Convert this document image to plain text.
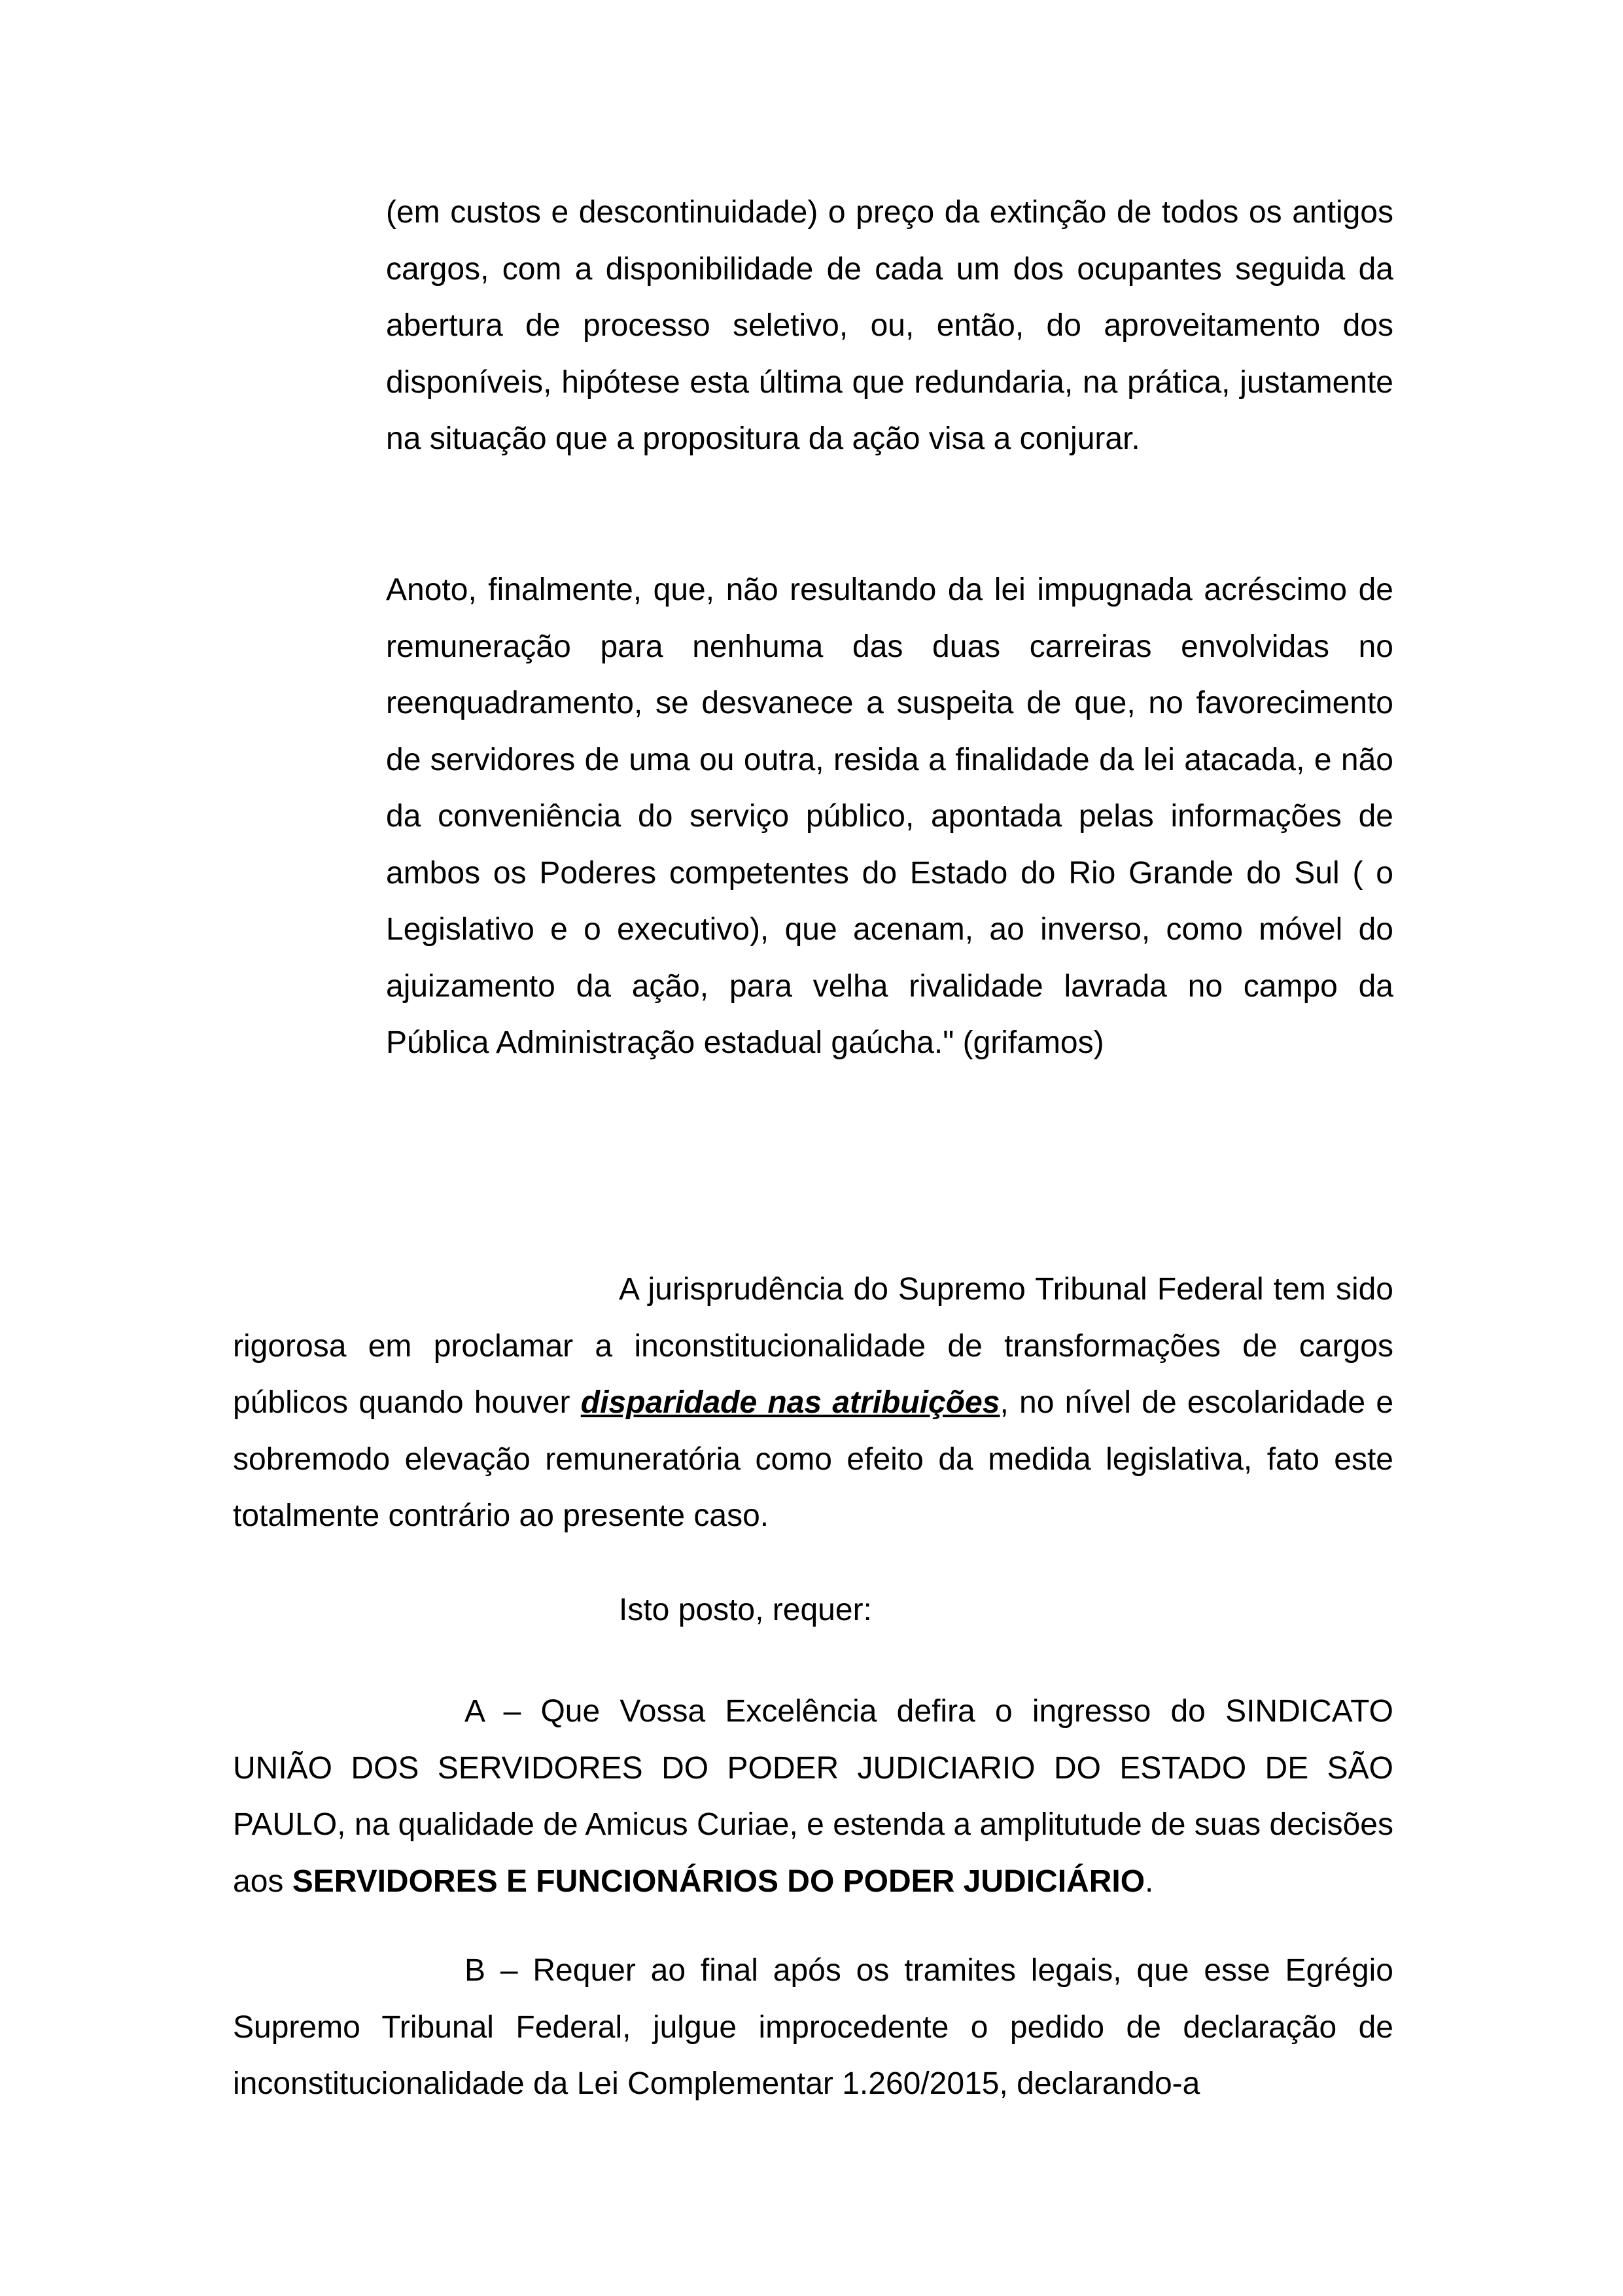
(em custos e descontinuidade) o preço da extinção de todos os antigos cargos, com a disponibilidade de cada um dos ocupantes seguida da abertura de processo seletivo, ou, então, do aproveitamento dos disponíveis, hipótese esta última que redundaria, na prática, justamente na situação que a propositura da ação visa a conjurar.

Anoto, finalmente, que, não resultando da lei impugnada acréscimo de remuneração para nenhuma das duas carreiras envolvidas no reenquadramento, se desvanece a suspeita de que, no favorecimento de servidores de uma ou outra, resida a finalidade da lei atacada, e não da conveniência do serviço público, apontada pelas informações de ambos os Poderes competentes do Estado do Rio Grande do Sul ( o Legislativo e o executivo), que acenam, ao inverso, como móvel do ajuizamento da ação, para velha rivalidade lavrada no campo da Pública Administração estadual gaúcha." (grifamos)

A jurisprudência do Supremo Tribunal Federal tem sido rigorosa em proclamar a inconstitucionalidade de transformações de cargos públicos quando houver disparidade nas atribuições, no nível de escolaridade e sobremodo elevação remuneratória como efeito da medida legislativa, fato este totalmente contrário ao presente caso.

Isto posto, requer:

A – Que Vossa Excelência defira o ingresso do SINDICATO UNIÃO DOS SERVIDORES DO PODER JUDICIARIO DO ESTADO DE SÃO PAULO, na qualidade de Amicus Curiae, e estenda a amplitutude de suas decisões aos SERVIDORES E FUNCIONÁRIOS DO PODER JUDICIÁRIO.

B – Requer ao final após os tramites legais, que esse Egrégio Supremo Tribunal Federal, julgue improcedente o pedido de declaração de inconstitucionalidade da Lei Complementar 1.260/2015, declarando-a
